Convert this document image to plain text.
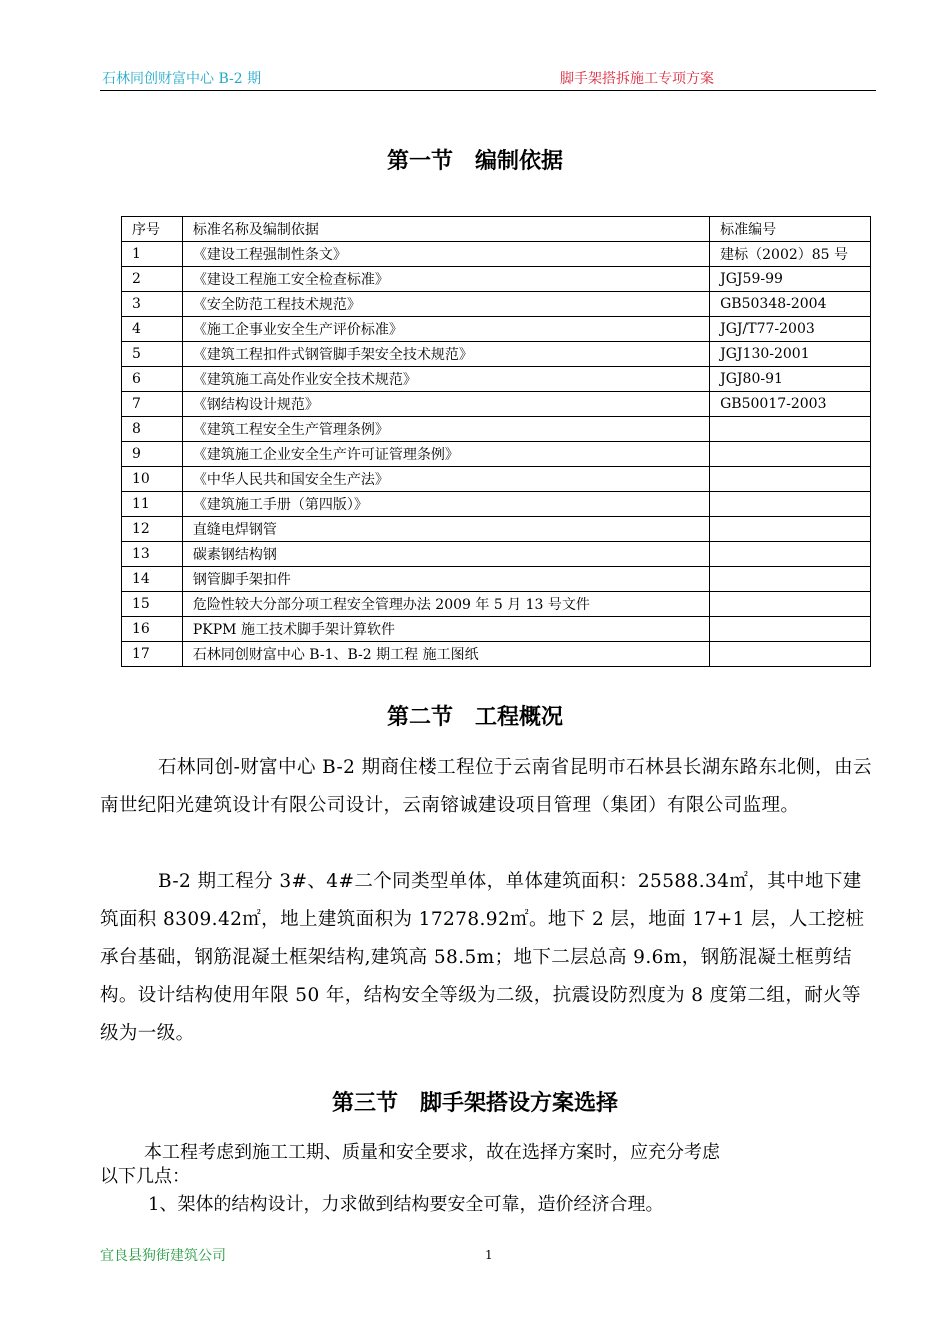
石林同创财富中心 B-2 期	脚手架搭拆施工专项方案
第一节　编制依据
序号	标准名称及编制依据	标准编号
1	《建设工程强制性条文》	建标（2002）85 号
2	《建设工程施工安全检查标准》	JGJ59-99
3	《安全防范工程技术规范》	GB50348-2004
4	《施工企事业安全生产评价标准》	JGJ/T77-2003
5	《建筑工程扣件式钢管脚手架安全技术规范》	JGJ130-2001
6	《建筑施工高处作业安全技术规范》	JGJ80-91
7	《钢结构设计规范》	GB50017-2003
8	《建筑工程安全生产管理条例》	
9	《建筑施工企业安全生产许可证管理条例》	
10	《中华人民共和国安全生产法》	
11	《建筑施工手册（第四版）》	
12	直缝电焊钢管	
13	碳素钢结构钢	
14	钢管脚手架扣件	
15	危险性较大分部分项工程安全管理办法 2009 年 5 月 13 号文件	
16	PKPM 施工技术脚手架计算软件	
17	石林同创财富中心 B-1、B-2 期工程 施工图纸	
第二节　工程概况
石林同创-财富中心 B-2 期商住楼工程位于云南省昆明市石林县长湖东路东北侧，由云南世纪阳光建筑设计有限公司设计，云南镕诚建设项目管理（集团）有限公司监理。
B-2 期工程分 3#、4#二个同类型单体，单体建筑面积：25588.34㎡，其中地下建筑面积 8309.42㎡，地上建筑面积为 17278.92㎡。地下 2 层，地面 17+1 层，人工挖桩承台基础，钢筋混凝土框架结构,建筑高 58.5m；地下二层总高 9.6m，钢筋混凝土框剪结构。设计结构使用年限 50 年，结构安全等级为二级，抗震设防烈度为 8 度第二组，耐火等级为一级。
第三节　脚手架搭设方案选择
本工程考虑到施工工期、质量和安全要求，故在选择方案时，应充分考虑
以下几点：
1、架体的结构设计，力求做到结构要安全可靠，造价经济合理。
宜良县狗街建筑公司	1
